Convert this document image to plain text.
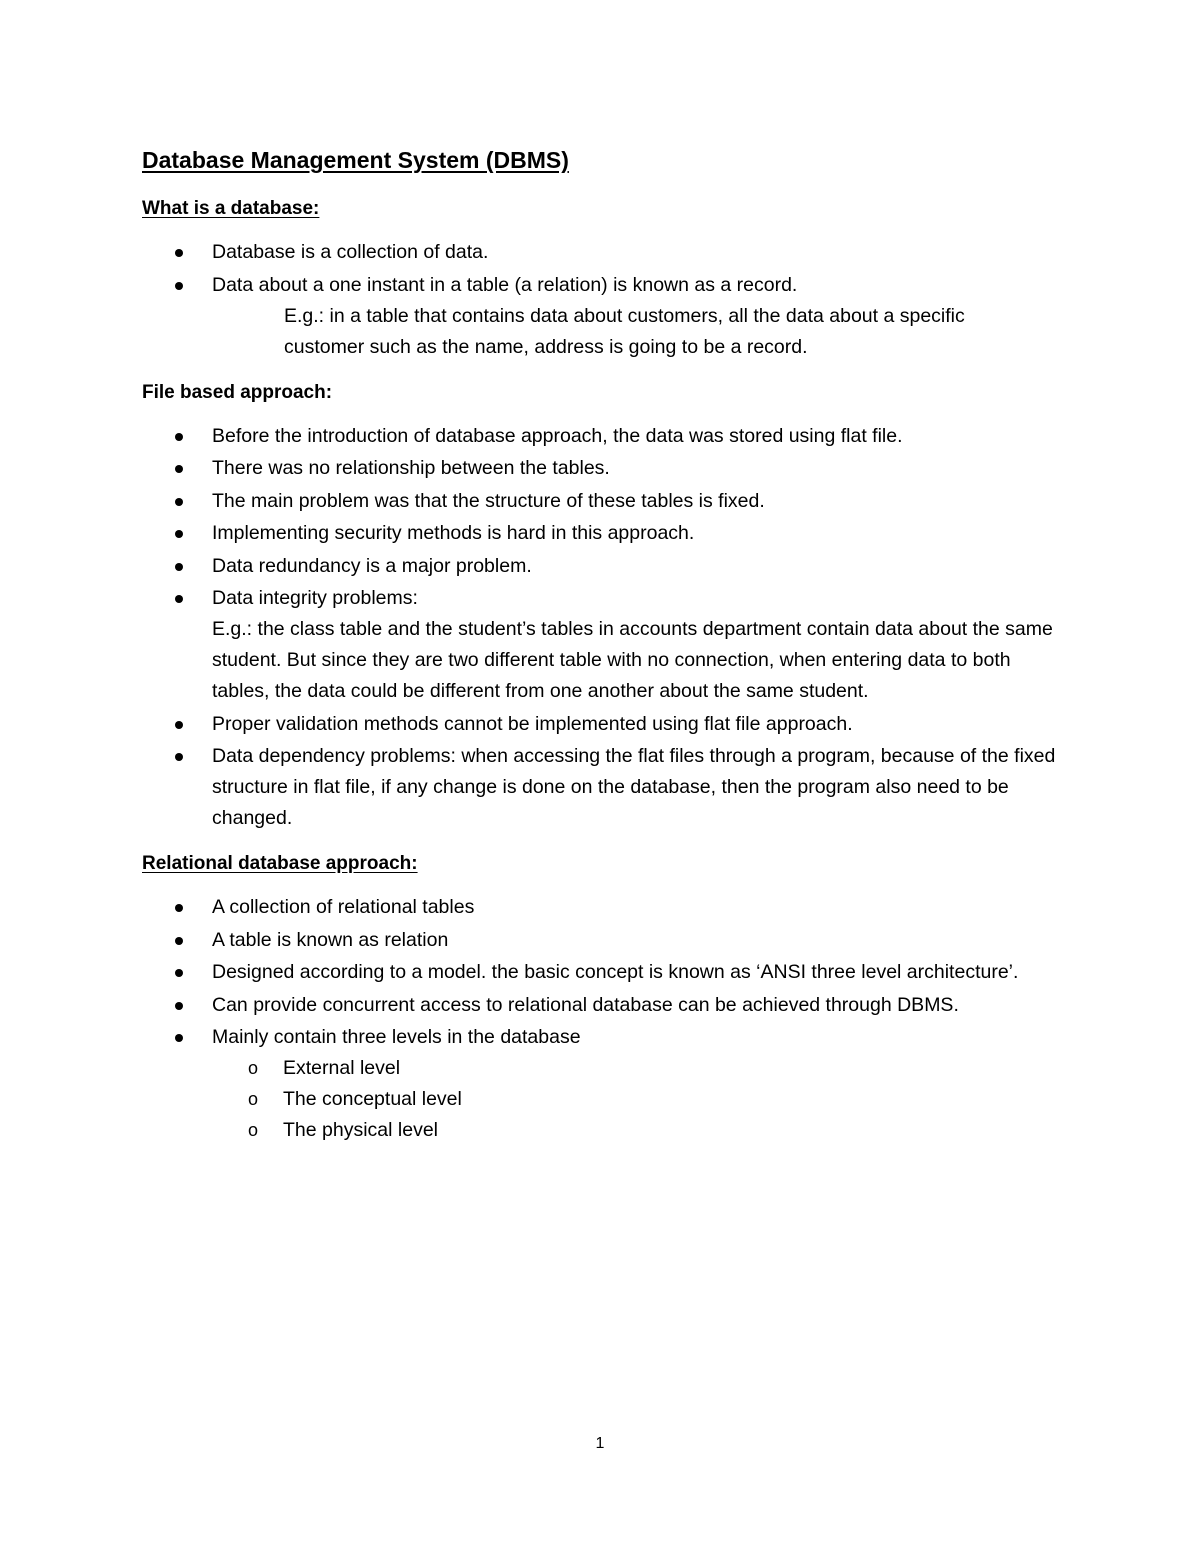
Database Management System (DBMS)
What is a database:
Database is a collection of data.
Data about a one instant in a table (a relation) is known as a record.
E.g.: in a table that contains data about customers, all the data about a specific
customer such as the name, address is going to be a record.
File based approach:
Before the introduction of database approach, the data was stored using flat file.
There was no relationship between the tables.
The main problem was that the structure of these tables is fixed.
Implementing security methods is hard in this approach.
Data redundancy is a major problem.
Data integrity problems:
E.g.: the class table and the student’s tables in accounts department contain data about the same student. But since they are two different table with no connection, when entering data to both tables, the data could be different from one another about the same student.
Proper validation methods cannot be implemented using flat file approach.
Data dependency problems: when accessing the flat files through a program, because of the fixed structure in flat file, if any change is done on the database, then the program also need to be changed.
Relational database approach:
A collection of relational tables
A table is known as relation
Designed according to a model. the basic concept is known as ‘ANSI three level architecture’.
Can provide concurrent access to relational database can be achieved through DBMS.
Mainly contain three levels in the database
o External level
o The conceptual level
o The physical level
1
